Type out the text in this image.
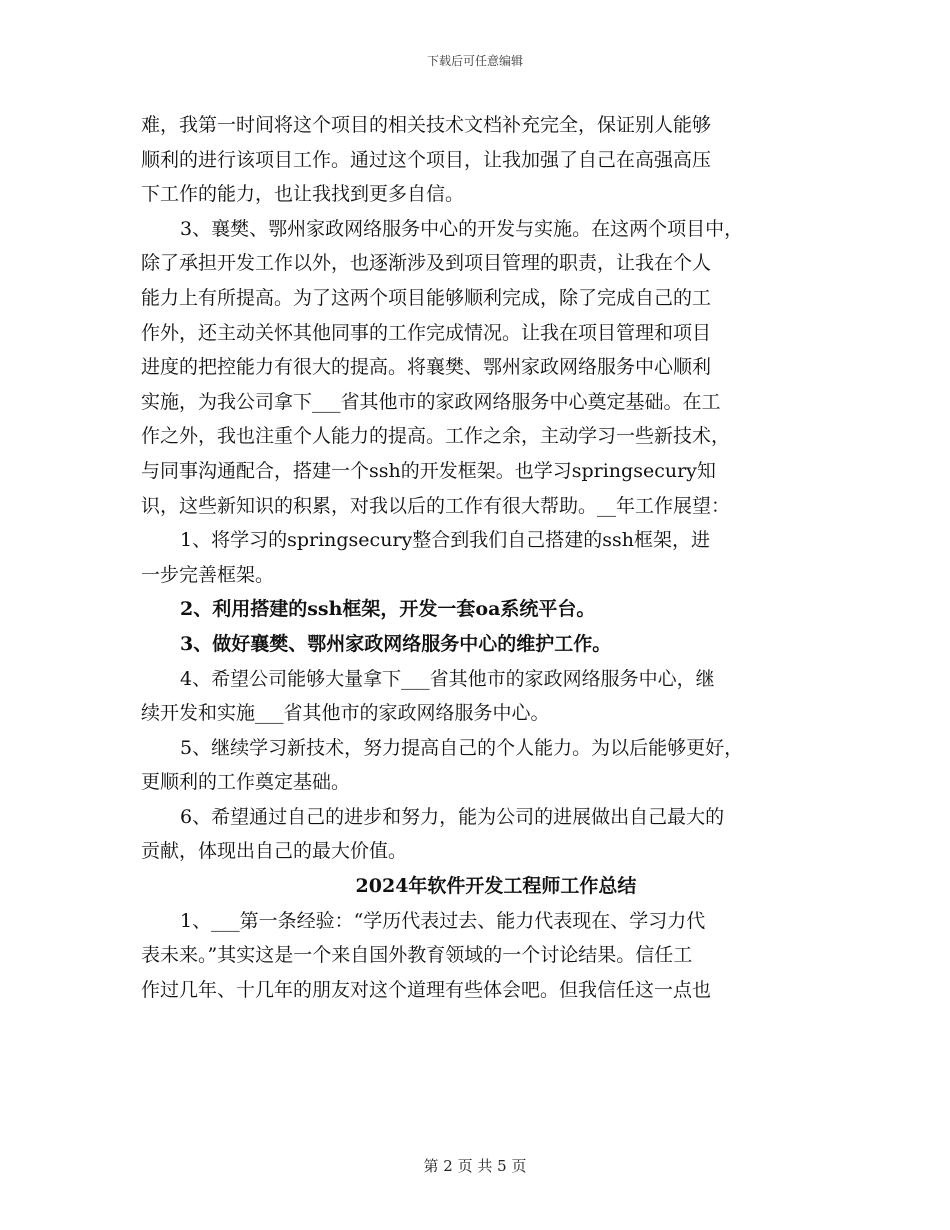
下载后可任意编辑
难，我第一时间将这个项目的相关技术文档补充完全，保证别人能够
顺利的进行该项目工作。通过这个项目，让我加强了自己在高强高压
下工作的能力，也让我找到更多自信。
3、襄樊、鄂州家政网络服务中心的开发与实施。在这两个项目中，
除了承担开发工作以外，也逐渐涉及到项目管理的职责，让我在个人
能力上有所提高。为了这两个项目能够顺利完成，除了完成自己的工
作外，还主动关怀其他同事的工作完成情况。让我在项目管理和项目
进度的把控能力有很大的提高。将襄樊、鄂州家政网络服务中心顺利
实施，为我公司拿下___省其他市的家政网络服务中心奠定基础。在工
作之外，我也注重个人能力的提高。工作之余，主动学习一些新技术，
与同事沟通配合，搭建一个ssh的开发框架。也学习springsecury知
识，这些新知识的积累，对我以后的工作有很大帮助。__年工作展望：
1、将学习的springsecury整合到我们自己搭建的ssh框架，进
一步完善框架。
2、利用搭建的ssh框架，开发一套oa系统平台。
3、做好襄樊、鄂州家政网络服务中心的维护工作。
4、希望公司能够大量拿下___省其他市的家政网络服务中心，继
续开发和实施___省其他市的家政网络服务中心。
5、继续学习新技术，努力提高自己的个人能力。为以后能够更好，
更顺利的工作奠定基础。
6、希望通过自己的进步和努力，能为公司的进展做出自己最大的
贡献，体现出自己的最大价值。
2024年软件开发工程师工作总结
1、___第一条经验：“学历代表过去、能力代表现在、学习力代
表未来。”其实这是一个来自国外教育领域的一个讨论结果。信任工
作过几年、十几年的朋友对这个道理有些体会吧。但我信任这一点也
第 2 页 共 5 页
